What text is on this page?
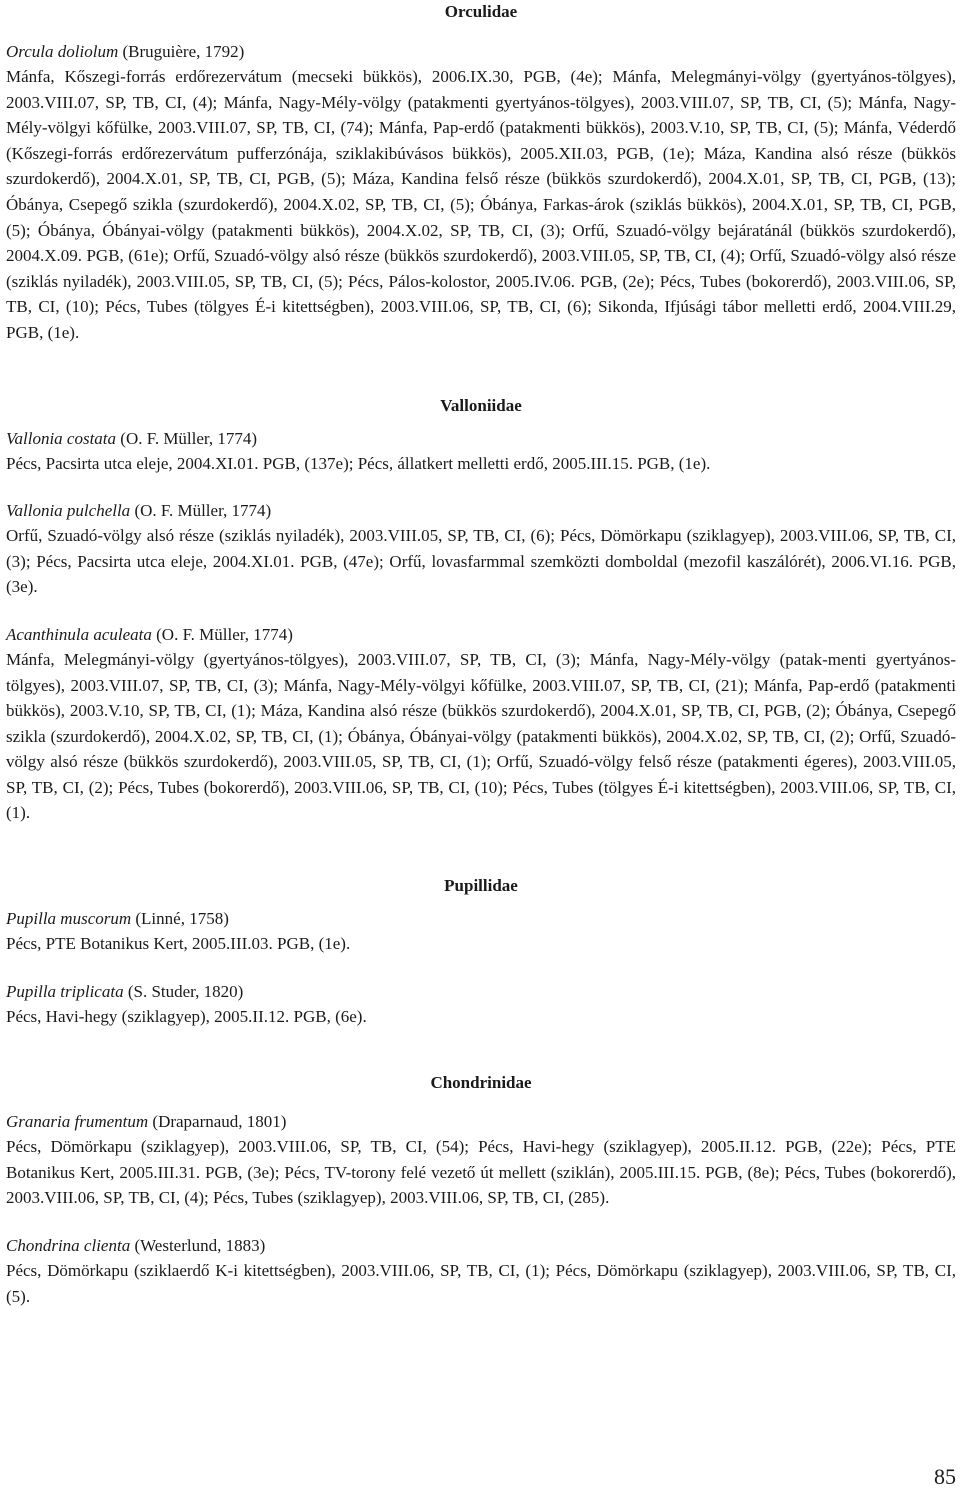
Orculidae

Orcula doliolum (Bruguière, 1792)

Mánfa, Kőszegi-forrás erdőrezervátum (mecseki bükkös), 2006.IX.30, PGB, (4e); Mánfa, Melegmányi-völgy (gyertyános-tölgyes), 2003.VIII.07, SP, TB, CI, (4); Mánfa, Nagy-Mély-völgy (patakmenti gyertyános-tölgyes), 2003.VIII.07, SP, TB, CI, (5); Mánfa, Nagy-Mély-völgyi kőfülke, 2003.VIII.07, SP, TB, CI, (74); Mánfa, Pap-erdő (patakmenti bükkös), 2003.V.10, SP, TB, CI, (5); Mánfa, Véderdő (Kőszegi-forrás erdőrezervátum pufferzónája, sziklakibúvásos bükkös), 2005.XII.03, PGB, (1e); Máza, Kandina alsó része (bükkös szurdokerdő), 2004.X.01, SP, TB, CI, PGB, (5); Máza, Kandina felső része (bükkös szurdokerdő), 2004.X.01, SP, TB, CI, PGB, (13); Óbánya, Csepegő szikla (szurdokerdő), 2004.X.02, SP, TB, CI, (5); Óbánya, Farkas-árok (sziklás bükkös), 2004.X.01, SP, TB, CI, PGB, (5); Óbánya, Óbányai-völgy (patakmenti bükkös), 2004.X.02, SP, TB, CI, (3); Orfű, Szuadó-völgy bejáratánál (bükkös szurdokerdő), 2004.X.09. PGB, (61e); Orfű, Szuadó-völgy alsó része (bükkös szurdokerdő), 2003.VIII.05, SP, TB, CI, (4); Orfű, Szuadó-völgy alsó része (sziklás nyiladék), 2003.VIII.05, SP, TB, CI, (5); Pécs, Pálos-kolostor, 2005.IV.06. PGB, (2e); Pécs, Tubes (bokorerdő), 2003.VIII.06, SP, TB, CI, (10); Pécs, Tubes (tölgyes É-i kitettségben), 2003.VIII.06, SP, TB, CI, (6); Sikonda, Ifjúsági tábor melletti erdő, 2004.VIII.29, PGB, (1e).

Valloniidae

Vallonia costata (O. F. Müller, 1774)

Pécs, Pacsirta utca eleje, 2004.XI.01. PGB, (137e); Pécs, állatkert melletti erdő, 2005.III.15. PGB, (1e).

Vallonia pulchella (O. F. Müller, 1774)

Orfű, Szuadó-völgy alsó része (sziklás nyiladék), 2003.VIII.05, SP, TB, CI, (6); Pécs, Dömörkapu (sziklagyep), 2003.VIII.06, SP, TB, CI, (3); Pécs, Pacsirta utca eleje, 2004.XI.01. PGB, (47e); Orfű, lovasfarmmal szemközti domboldal (mezofil kaszálórét), 2006.VI.16. PGB, (3e).

Acanthinula aculeata (O. F. Müller, 1774)

Mánfa, Melegmányi-völgy (gyertyános-tölgyes), 2003.VIII.07, SP, TB, CI, (3); Mánfa, Nagy-Mély-völgy (patak-menti gyertyános-tölgyes), 2003.VIII.07, SP, TB, CI, (3); Mánfa, Nagy-Mély-völgyi kőfülke, 2003.VIII.07, SP, TB, CI, (21); Mánfa, Pap-erdő (patakmenti bükkös), 2003.V.10, SP, TB, CI, (1); Máza, Kandina alsó része (bükkös szurdokerdő), 2004.X.01, SP, TB, CI, PGB, (2); Óbánya, Csepegő szikla (szurdokerdő), 2004.X.02, SP, TB, CI, (1); Óbánya, Óbányai-völgy (patakmenti bükkös), 2004.X.02, SP, TB, CI, (2); Orfű, Szuadó-völgy alsó része (bükkös szurdokerdő), 2003.VIII.05, SP, TB, CI, (1); Orfű, Szuadó-völgy felső része (patakmenti égeres), 2003.VIII.05, SP, TB, CI, (2); Pécs, Tubes (bokorerdő), 2003.VIII.06, SP, TB, CI, (10); Pécs, Tubes (tölgyes É-i kitettségben), 2003.VIII.06, SP, TB, CI, (1).

Pupillidae

Pupilla muscorum (Linné, 1758)

Pécs, PTE Botanikus Kert, 2005.III.03. PGB, (1e).

Pupilla triplicata (S. Studer, 1820)

Pécs, Havi-hegy (sziklagyep), 2005.II.12. PGB, (6e).

Chondrinidae

Granaria frumentum (Draparnaud, 1801)

Pécs, Dömörkapu (sziklagyep), 2003.VIII.06, SP, TB, CI, (54); Pécs, Havi-hegy (sziklagyep), 2005.II.12. PGB, (22e); Pécs, PTE Botanikus Kert, 2005.III.31. PGB, (3e); Pécs, TV-torony felé vezető út mellett (sziklán), 2005.III.15. PGB, (8e); Pécs, Tubes (bokorerdő), 2003.VIII.06, SP, TB, CI, (4); Pécs, Tubes (sziklagyep), 2003.VIII.06, SP, TB, CI, (285).

Chondrina clienta (Westerlund, 1883)

Pécs, Dömörkapu (sziklaerdő K-i kitettségben), 2003.VIII.06, SP, TB, CI, (1); Pécs, Dömörkapu (sziklagyep), 2003.VIII.06, SP, TB, CI, (5).

85
